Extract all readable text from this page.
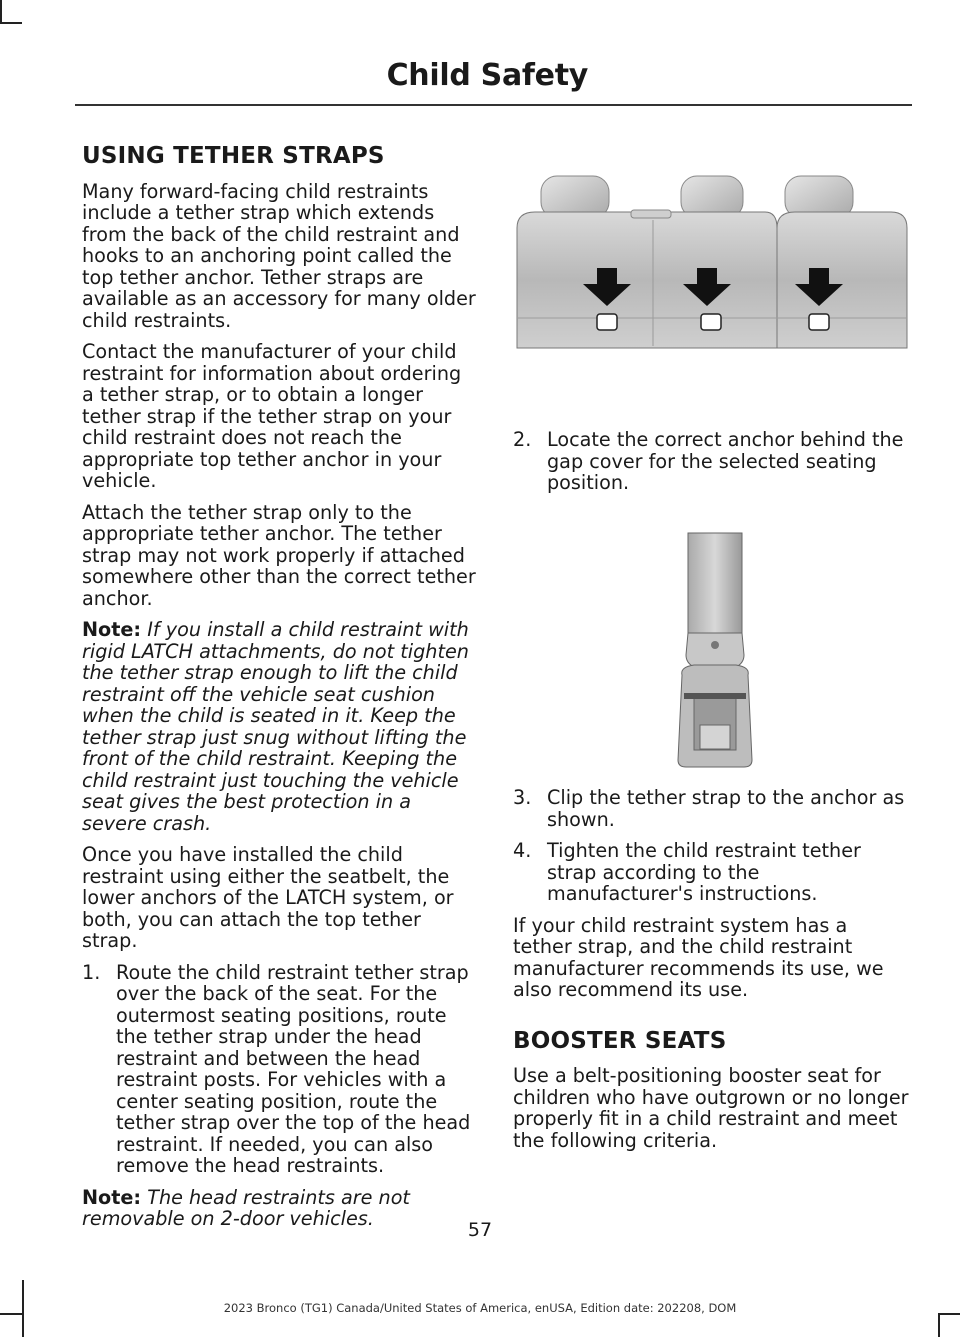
Child Safety
USING TETHER STRAPS

Many forward-facing child restraints include a tether strap which extends from the back of the child restraint and hooks to an anchoring point called the top tether anchor. Tether straps are available as an accessory for many older child restraints.

Contact the manufacturer of your child restraint for information about ordering a tether strap, or to obtain a longer tether strap if the tether strap on your child restraint does not reach the appropriate top tether anchor in your vehicle.

Attach the tether strap only to the appropriate tether anchor. The tether strap may not work properly if attached somewhere other than the correct tether anchor.

Note: If you install a child restraint with rigid LATCH attachments, do not tighten the tether strap enough to lift the child restraint off the vehicle seat cushion when the child is seated in it. Keep the tether strap just snug without lifting the front of the child restraint. Keeping the child restraint just touching the vehicle seat gives the best protection in a severe crash.

Once you have installed the child restraint using either the seatbelt, the lower anchors of the LATCH system, or both, you can attach the top tether strap.

1. Route the child restraint tether strap over the back of the seat. For the outermost seating positions, route the tether strap under the head restraint and between the head restraint posts. For vehicles with a center seating position, route the tether strap over the top of the head restraint. If needed, you can also remove the head restraints.

Note: The head restraints are not removable on 2-door vehicles.

2. Locate the correct anchor behind the gap cover for the selected seating position.
3. Clip the tether strap to the anchor as shown.
4. Tighten the child restraint tether strap according to the manufacturer's instructions.

If your child restraint system has a tether strap, and the child restraint manufacturer recommends its use, we also recommend its use.

BOOSTER SEATS

Use a belt-positioning booster seat for children who have outgrown or no longer properly fit in a child restraint and meet the following criteria.

57
2023 Bronco (TG1) Canada/United States of America, enUSA, Edition date: 202208, DOM
